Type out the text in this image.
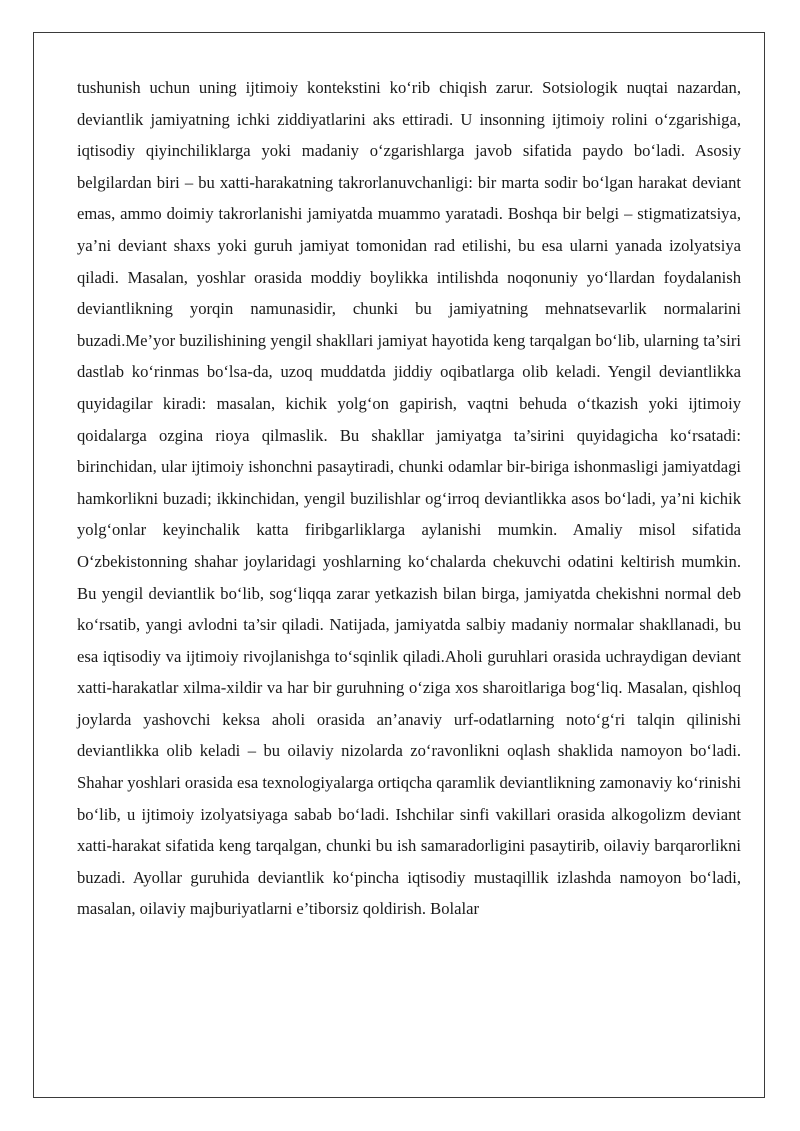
tushunish uchun uning ijtimoiy kontekstini ko‘rib chiqish zarur. Sotsiologik nuqtai nazardan, deviantlik jamiyatning ichki ziddiyatlarini aks ettiradi. U insonning ijtimoiy rolini o‘zgarishiga, iqtisodiy qiyinchiliklarga yoki madaniy o‘zgarishlarga javob sifatida paydo bo‘ladi. Asosiy belgilardan biri – bu xatti-harakatning takrorlanuvchanligi: bir marta sodir bo‘lgan harakat deviant emas, ammo doimiy takrorlanishi jamiyatda muammo yaratadi. Boshqa bir belgi – stigmatizatsiya, ya’ni deviant shaxs yoki guruh jamiyat tomonidan rad etilishi, bu esa ularni yanada izolyatsiya qiladi. Masalan, yoshlar orasida moddiy boylikka intilishda noqonuniy yo‘llardan foydalanish deviantlikning yorqin namunasidir, chunki bu jamiyatning mehnatsevarlik normalarini buzadi.Me’yor buzilishining yengil shakllari jamiyat hayotida keng tarqalgan bo‘lib, ularning ta’siri dastlab ko‘rinmas bo‘lsa-da, uzoq muddatda jiddiy oqibatlarga olib keladi. Yengil deviantlikka quyidagilar kiradi: masalan, kichik yolg‘on gapirish, vaqtni behuda o‘tkazish yoki ijtimoiy qoidalarga ozgina rioya qilmaslik. Bu shakllar jamiyatga ta’sirini quyidagicha ko‘rsatadi: birinchidan, ular ijtimoiy ishonchni pasaytiradi, chunki odamlar bir-biriga ishonmasligi jamiyatdagi hamkorlikni buzadi; ikkinchidan, yengil buzilishlar og‘irroq deviantlikka asos bo‘ladi, ya’ni kichik yolg‘onlar keyinchalik katta firibgarliklarga aylanishi mumkin. Amaliy misol sifatida O‘zbekistonning shahar joylaridagi yoshlarning ko‘chalarda chekuvchi odatini keltirish mumkin. Bu yengil deviantlik bo‘lib, sog‘liqqa zarar yetkazish bilan birga, jamiyatda chekishni normal deb ko‘rsatib, yangi avlodni ta’sir qiladi. Natijada, jamiyatda salbiy madaniy normalar shakllanadi, bu esa iqtisodiy va ijtimoiy rivojlanishga to‘sqinlik qiladi.Aholi guruhlari orasida uchraydigan deviant xatti-harakatlar xilma-xildir va har bir guruhning o‘ziga xos sharoitlariga bog‘liq. Masalan, qishloq joylarda yashovchi keksa aholi orasida an’anaviy urf-odatlarning noto‘g‘ri talqin qilinishi deviantlikka olib keladi – bu oilaviy nizolarda zo‘ravonlikni oqlash shaklida namoyon bo‘ladi. Shahar yoshlari orasida esa texnologiyalarga ortiqcha qaramlik deviantlikning zamonaviy ko‘rinishi bo‘lib, u ijtimoiy izolyatsiyaga sabab bo‘ladi. Ishchilar sinfi vakillari orasida alkogolizm deviant xatti-harakat sifatida keng tarqalgan, chunki bu ish samaradorligini pasaytirib, oilaviy barqarorlikni buzadi. Ayollar guruhida deviantlik ko‘pincha iqtisodiy mustaqillik izlashda namoyon bo‘ladi, masalan, oilaviy majburiyatlarni e’tiborsiz qoldirish. Bolalar
